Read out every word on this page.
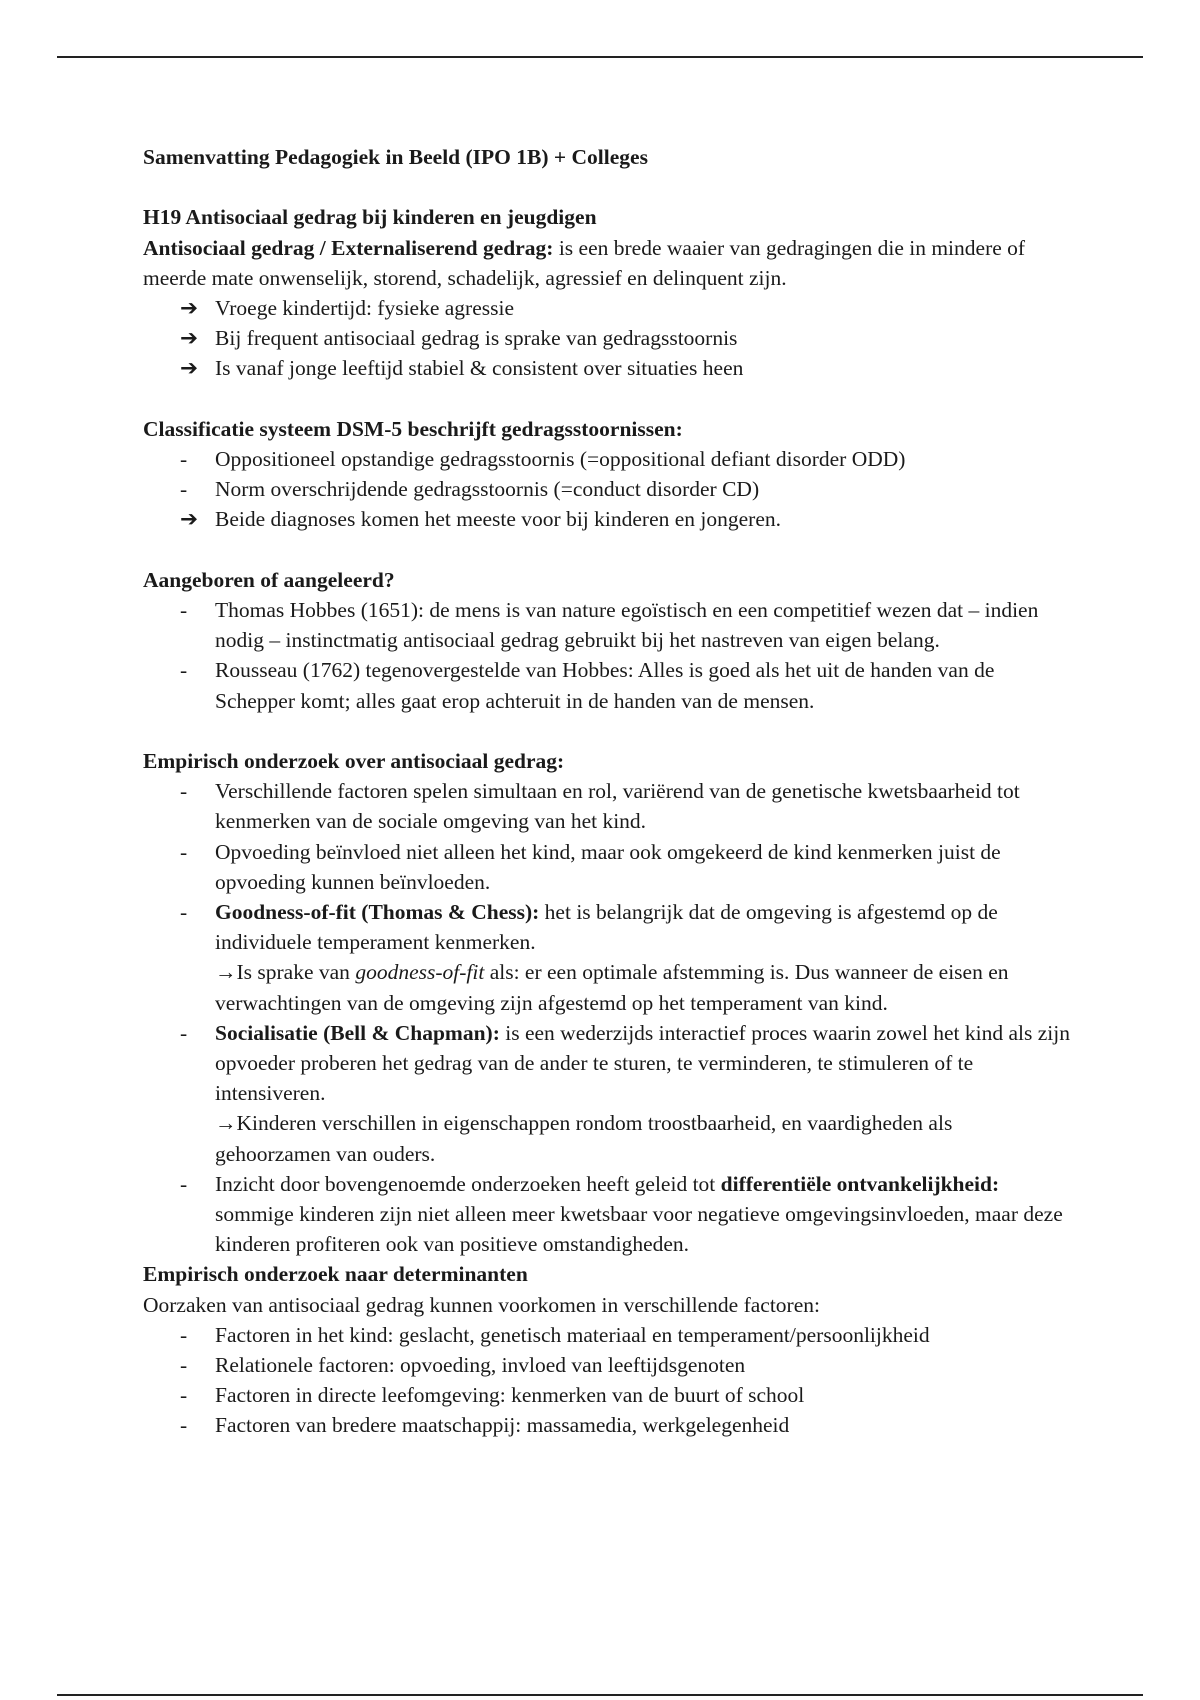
Samenvatting Pedagogiek in Beeld (IPO 1B) + Colleges

H19 Antisociaal gedrag bij kinderen en jeugdigen

Antisociaal gedrag / Externaliserend gedrag: is een brede waaier van gedragingen die in mindere of meerde mate onwenselijk, storend, schadelijk, agressief en delinquent zijn.

➔ Vroege kindertijd: fysieke agressie
➔ Bij frequent antisociaal gedrag is sprake van gedragsstoornis
➔ Is vanaf jonge leeftijd stabiel & consistent over situaties heen

Classificatie systeem DSM-5 beschrijft gedragsstoornissen:

-	Oppositioneel opstandige gedragsstoornis (=oppositional defiant disorder ODD)
-	Norm overschrijdende gedragsstoornis (=conduct disorder CD)
➔ Beide diagnoses komen het meeste voor bij kinderen en jongeren.

Aangeboren of aangeleerd?

-	Thomas Hobbes (1651): de mens is van nature egoïstisch en een competitief wezen dat – indien nodig – instinctmatig antisociaal gedrag gebruikt bij het nastreven van eigen belang.
-	Rousseau (1762) tegenovergestelde van Hobbes: Alles is goed als het uit de handen van de Schepper komt; alles gaat erop achteruit in de handen van de mensen.

Empirisch onderzoek over antisociaal gedrag:

-	Verschillende factoren spelen simultaan en rol, variërend van de genetische kwetsbaarheid tot kenmerken van de sociale omgeving van het kind.
-	Opvoeding beïnvloed niet alleen het kind, maar ook omgekeerd de kind kenmerken juist de opvoeding kunnen beïnvloeden.
-	Goodness-of-fit (Thomas & Chess): het is belangrijk dat de omgeving is afgestemd op de individuele temperament kenmerken.
→Is sprake van goodness-of-fit als: er een optimale afstemming is. Dus wanneer de eisen en verwachtingen van de omgeving zijn afgestemd op het temperament van kind.
-	Socialisatie (Bell & Chapman): is een wederzijds interactief proces waarin zowel het kind als zijn opvoeder proberen het gedrag van de ander te sturen, te verminderen, te stimuleren of te intensiveren.
→Kinderen verschillen in eigenschappen rondom troostbaarheid, en vaardigheden als gehoorzamen van ouders.
-	Inzicht door bovengenoemde onderzoeken heeft geleid tot differentiële ontvankelijkheid: sommige kinderen zijn niet alleen meer kwetsbaar voor negatieve omgevingsinvloeden, maar deze kinderen profiteren ook van positieve omstandigheden.

Empirisch onderzoek naar determinanten

Oorzaken van antisociaal gedrag kunnen voorkomen in verschillende factoren:

-	Factoren in het kind: geslacht, genetisch materiaal en temperament/persoonlijkheid
-	Relationele factoren: opvoeding, invloed van leeftijdsgenoten
-	Factoren in directe leefomgeving: kenmerken van de buurt of school
-	Factoren van bredere maatschappij: massamedia, werkgelegenheid
